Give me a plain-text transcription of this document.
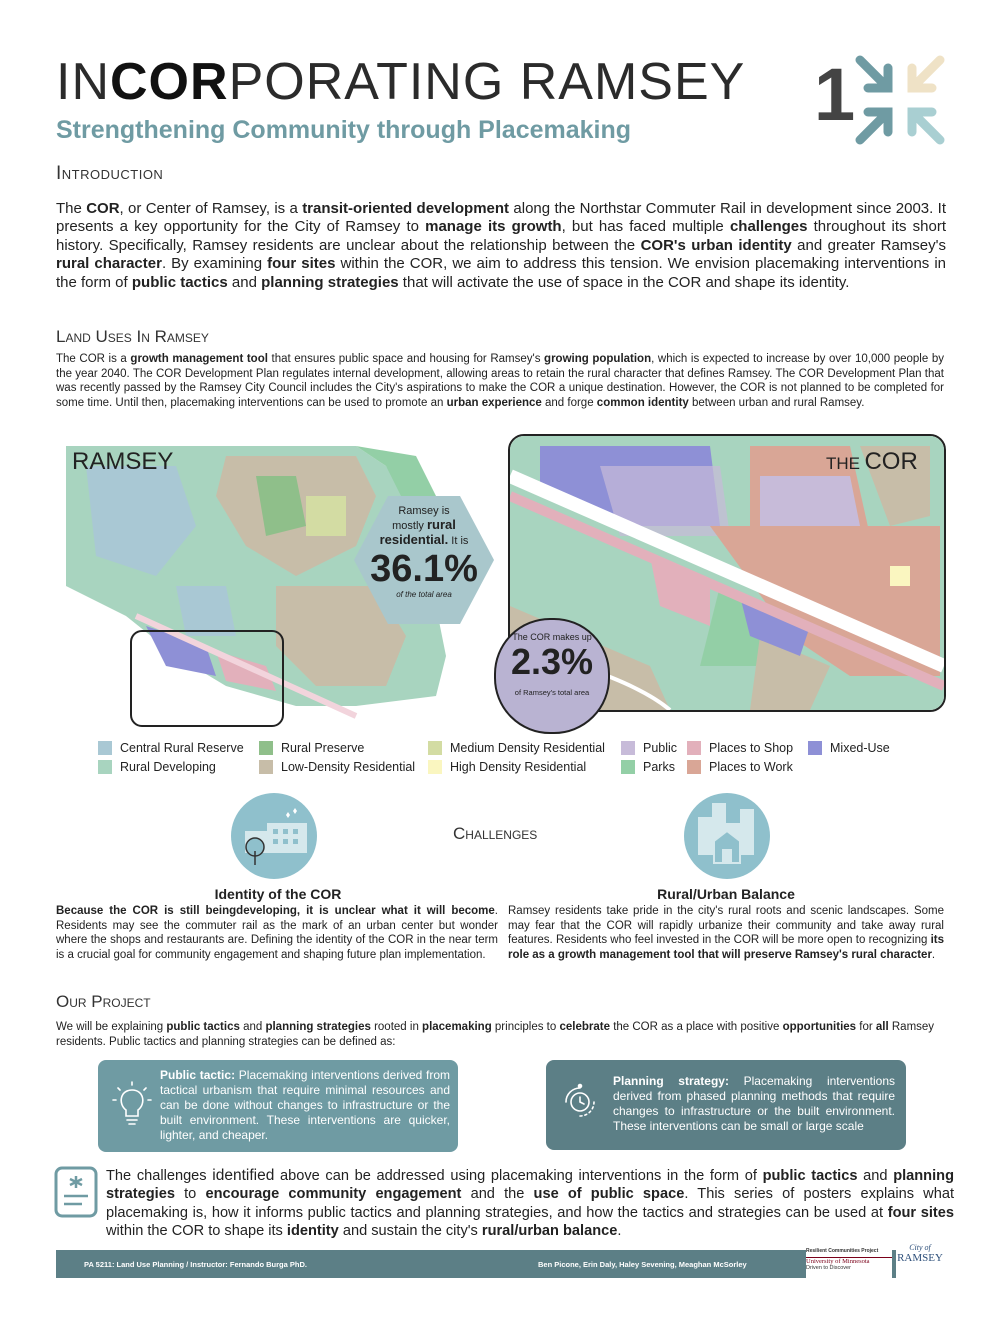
INCORPORATING RAMSEY
Strengthening Community through Placemaking 1
Introduction
The COR, or Center of Ramsey, is a transit-oriented development along the Northstar Commuter Rail in development since 2003. It presents a key opportunity for the City of Ramsey to manage its growth, but has faced multiple challenges throughout its short history. Specifically, Ramsey residents are unclear about the relationship between the COR's urban identity and greater Ramsey's rural character. By examining four sites within the COR, we aim to address this tension. We envision placemaking interventions in the form of public tactics and planning strategies that will activate the use of space in the COR and shape its identity.
Land Uses In Ramsey
The COR is a growth management tool that ensures public space and housing for Ramsey's growing population, which is expected to increase by over 10,000 people by the year 2040. The COR Development Plan regulates internal development, allowing areas to retain the rural character that defines Ramsey. The COR Development Plan that was recently passed by the Ramsey City Council includes the City's aspirations to make the COR a unique destination. However, the COR is not planned to be completed for some time. Until then, placemaking interventions can be used to promote an urban experience and forge common identity between urban and rural Ramsey.
RAMSEY
Ramsey is
mostly rural
residential. It is
36.1%
of the total area
THE COR
The COR makes up
2.3%
of Ramsey's total area
Central Rural Reserve
Rural Developing
Rural Preserve
Low-Density Residential
Medium Density Residential
High Density Residential
Public
Parks
Places to Shop
Places to Work
Mixed-Use
Challenges
Identity of the COR
Because the COR is still beingdeveloping, it is unclear what it will become. Residents may see the commuter rail as the mark of an urban center but wonder where the shops and restaurants are. Defining the identity of the COR in the near term is a crucial goal for community engagement and shaping future plan implementation.
Rural/Urban Balance
Ramsey residents take pride in the city's rural roots and scenic landscapes. Some may fear that the COR will rapidly urbanize their community and take away rural features. Residents who feel invested in the COR will be more open to recognizing its role as a growth management tool that will preserve Ramsey's rural character.
Our Project
We will be explaining public tactics and planning strategies rooted in placemaking principles to celebrate the COR as a place with positive opportunities for all Ramsey residents. Public tactics and planning strategies can be defined as:
Public tactic: Placemaking interventions derived from tactical urbanism that require minimal resources and can be done without changes to infrastructure or the built environment. These interventions are quicker, lighter, and cheaper.
Planning strategy: Placemaking interventions derived from phased planning methods that require changes to infrastructure or the built environment. These interventions can be small or large scale
The challenges identified above can be addressed using placemaking interventions in the form of public tactics and planning strategies to encourage community engagement and the use of public space. This series of posters explains what placemaking is, how it informs public tactics and planning strategies, and how the tactics and strategies can be used at four sites within the COR to shape its identity and sustain the city's rural/urban balance.
PA 5211: Land Use Planning / Instructor: Fernando Burga PhD.	Ben Picone, Erin Daly, Haley Sevening, Meaghan McSorley
Resilient Communities Project
University of Minnesota
Driven to Discover
City of
RAMSEY
